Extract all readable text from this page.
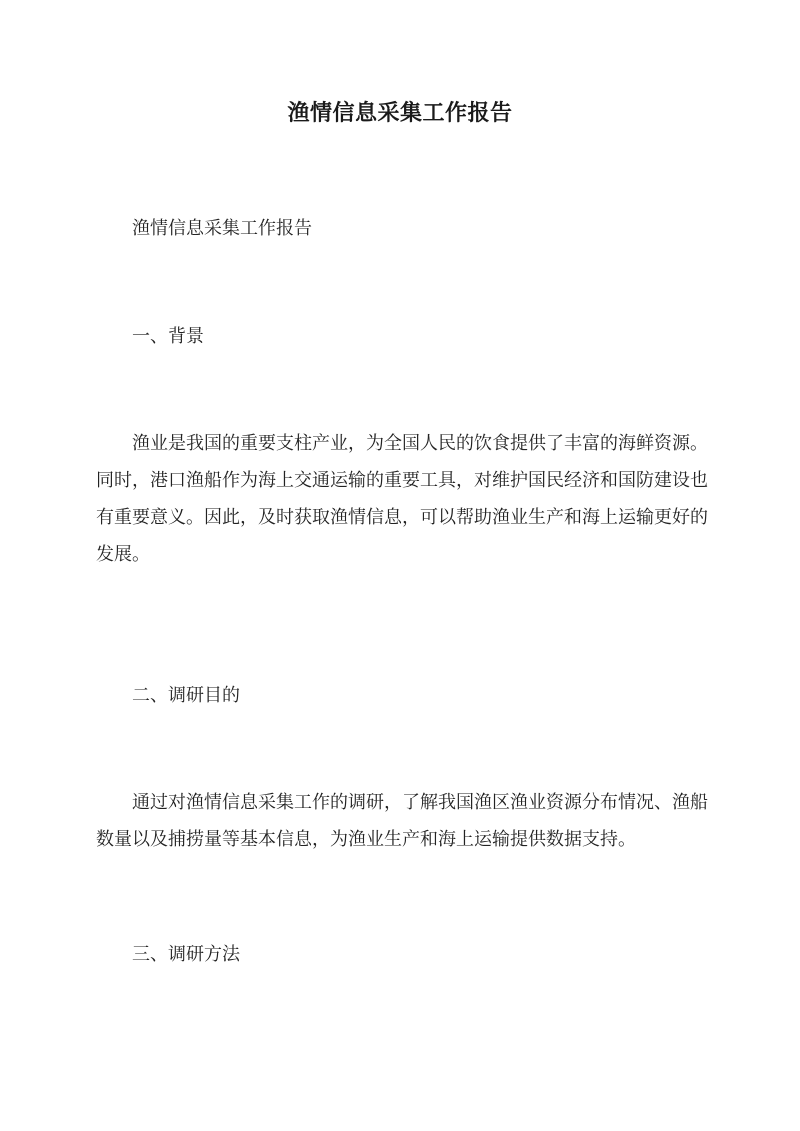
渔情信息采集工作报告
渔情信息采集工作报告
一、背景

渔业是我国的重要支柱产业，为全国人民的饮食提供了丰富的海鲜资源。同时，港口渔船作为海上交通运输的重要工具，对维护国民经济和国防建设也有重要意义。因此，及时获取渔情信息，可以帮助渔业生产和海上运输更好的发展。

二、调研目的

通过对渔情信息采集工作的调研，了解我国渔区渔业资源分布情况、渔船数量以及捕捞量等基本信息，为渔业生产和海上运输提供数据支持。

三、调研方法
